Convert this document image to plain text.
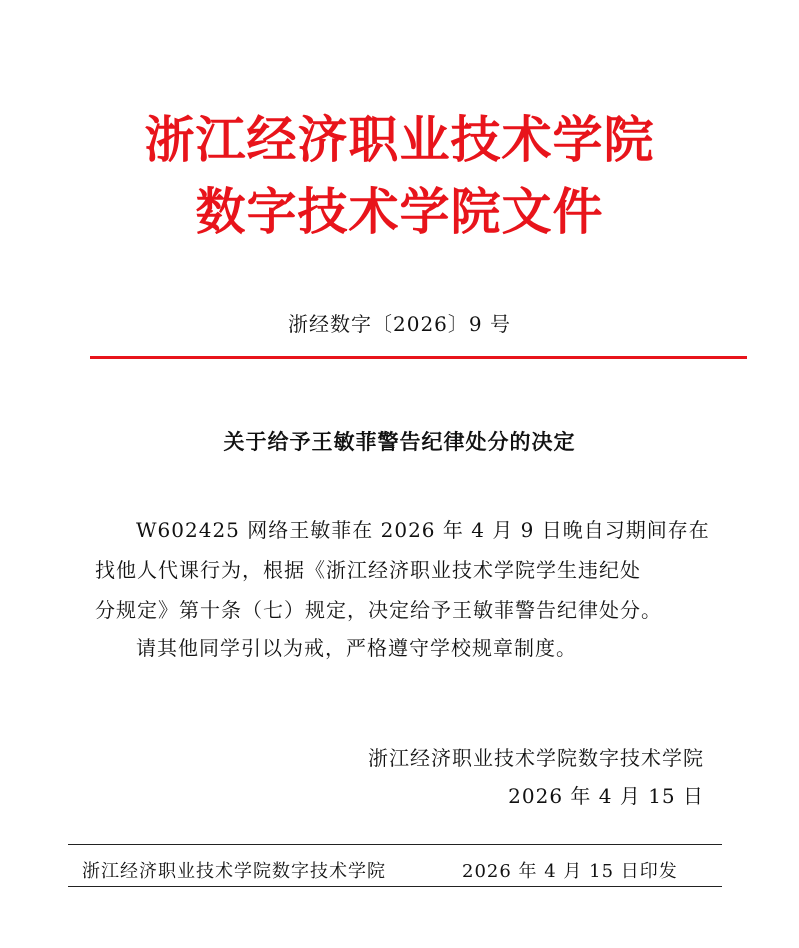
浙江经济职业技术学院
数字技术学院文件
浙经数字〔2026〕9 号
关于给予王敏菲警告纪律处分的决定
W602425 网络王敏菲在 2026 年 4 月 9 日晚自习期间存在
找他人代课行为，根据《浙江经济职业技术学院学生违纪处
分规定》第十条（七）规定，决定给予王敏菲警告纪律处分。
请其他同学引以为戒，严格遵守学校规章制度。
浙江经济职业技术学院数字技术学院
2026 年 4 月 15 日
浙江经济职业技术学院数字技术学院	2026 年 4 月 15 日印发
